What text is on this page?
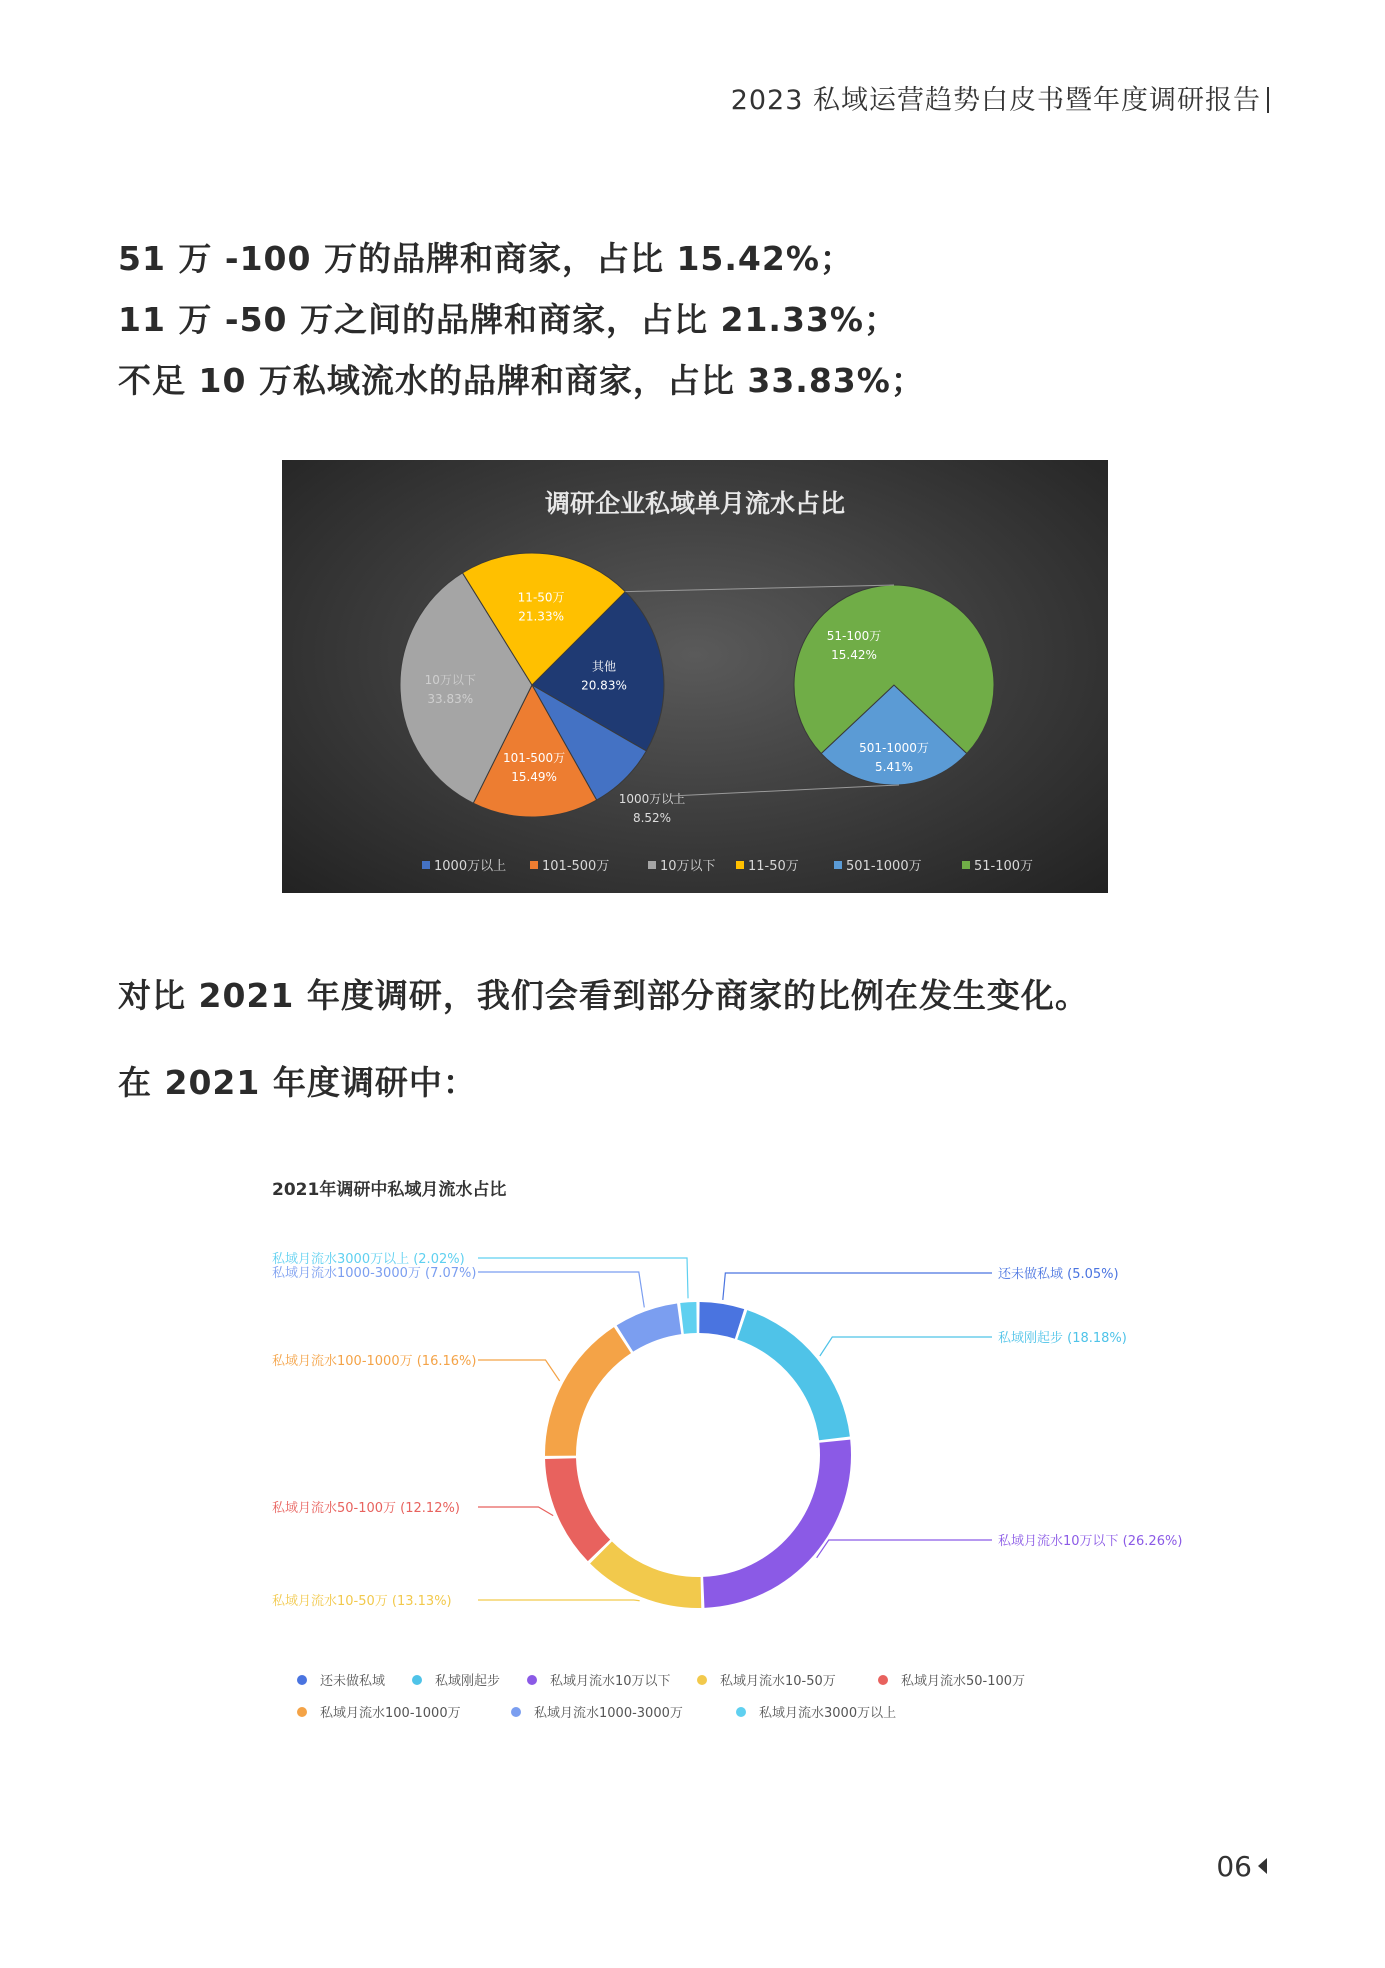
2023 私域运营趋势白皮书暨年度调研报告
51 万 -100 万的品牌和商家，占比 15.42%；
11 万 -50 万之间的品牌和商家，占比 21.33%；
不足 10 万私域流水的品牌和商家，占比 33.83%；
调研企业私域单月流水占比
其他
20.83%
1000万以上
8.52%
101-500万
15.49%
10万以下
33.83%
11-50万
21.33%
501-1000万
5.41%
51-100万
15.42%
1000万以上	101-500万	10万以下 11-50万	501-1000万	51-100万
对比 2021 年度调研，我们会看到部分商家的比例在发生变化。
在 2021 年度调研中：
2021年调研中私域月流水占比
还未做私域 (5.05%)
私域刚起步 (18.18%)
私域月流水10万以下 (26.26%)
私域月流水10-50万 (13.13%)
私域月流水50-100万 (12.12%)
私域月流水100-1000万 (16.16%)
私域月流水1000-3000万 (7.07%)
私域月流水3000万以上 (2.02%)
还未做私域	私域刚起步	私域月流水10万以下	私域月流水10-50万	私域月流水50-100万
私域月流水100-1000万	私域月流水1000-3000万	私域月流水3000万以上
06
